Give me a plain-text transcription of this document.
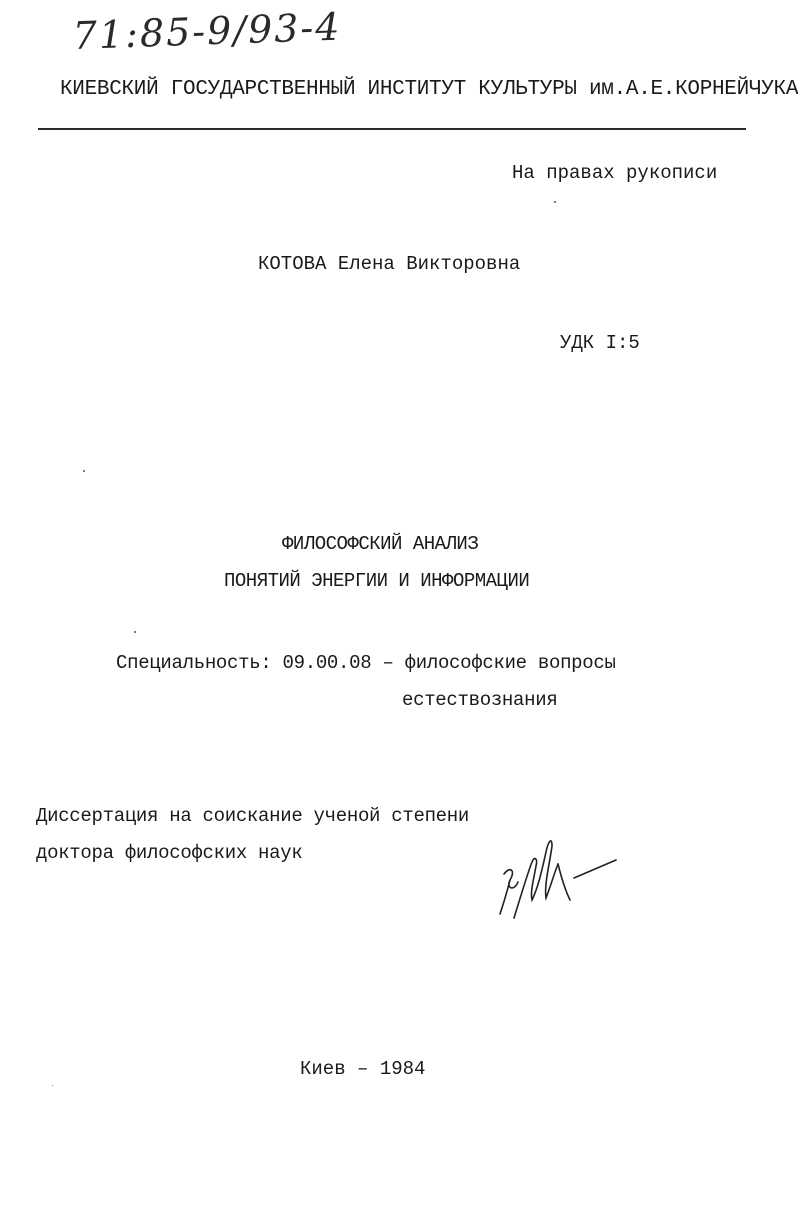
71:85-9/93-4
КИЕВСКИЙ ГОСУДАРСТВЕННЫЙ ИНСТИТУТ КУЛЬТУРЫ им.А.Е.КОРНЕЙЧУКА
На правах рукописи
КОТОВА Елена Викторовна
УДК I:5
ФИЛОСОФСКИЙ АНАЛИЗ
ПОНЯТИЙ ЭНЕРГИИ И ИНФОРМАЦИИ
Специальность: 09.00.08 – философские вопросы
естествознания
Диссертация на соискание ученой степени
доктора философских наук
Киев – 1984
